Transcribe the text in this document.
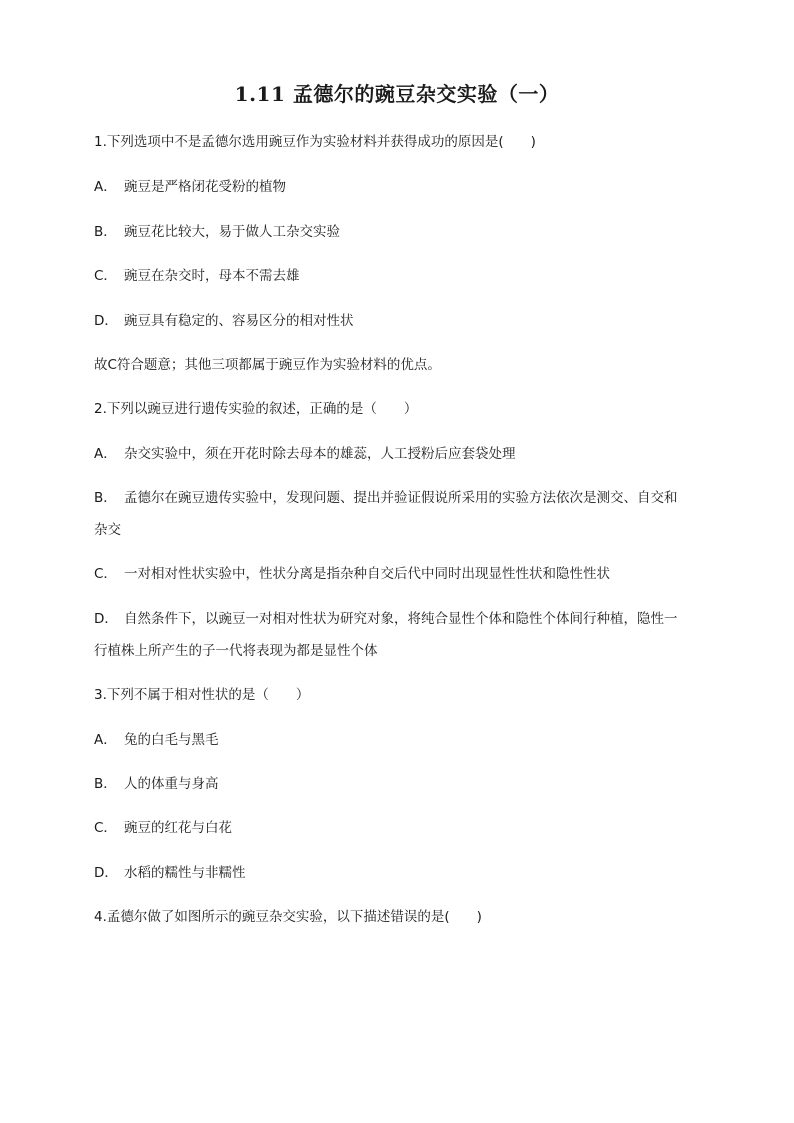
1.11 孟德尔的豌豆杂交实验（一）
1.下列选项中不是孟德尔选用豌豆作为实验材料并获得成功的原因是(　　)
A． 豌豆是严格闭花受粉的植物
B． 豌豆花比较大，易于做人工杂交实验
C． 豌豆在杂交时，母本不需去雄
D． 豌豆具有稳定的、容易区分的相对性状
故C符合题意；其他三项都属于豌豆作为实验材料的优点。
2.下列以豌豆进行遗传实验的叙述，正确的是（　　）
A． 杂交实验中，须在开花时除去母本的雄蕊，人工授粉后应套袋处理
B． 孟德尔在豌豆遗传实验中，发现问题、提出并验证假说所采用的实验方法依次是测交、自交和
杂交
C． 一对相对性状实验中，性状分离是指杂种自交后代中同时出现显性性状和隐性性状
D． 自然条件下，以豌豆一对相对性状为研究对象，将纯合显性个体和隐性个体间行种植，隐性一
行植株上所产生的子一代将表现为都是显性个体
3.下列不属于相对性状的是（　　）
A． 兔的白毛与黑毛
B． 人的体重与身高
C． 豌豆的红花与白花
D． 水稻的糯性与非糯性
4.孟德尔做了如图所示的豌豆杂交实验，以下描述错误的是(　　)
